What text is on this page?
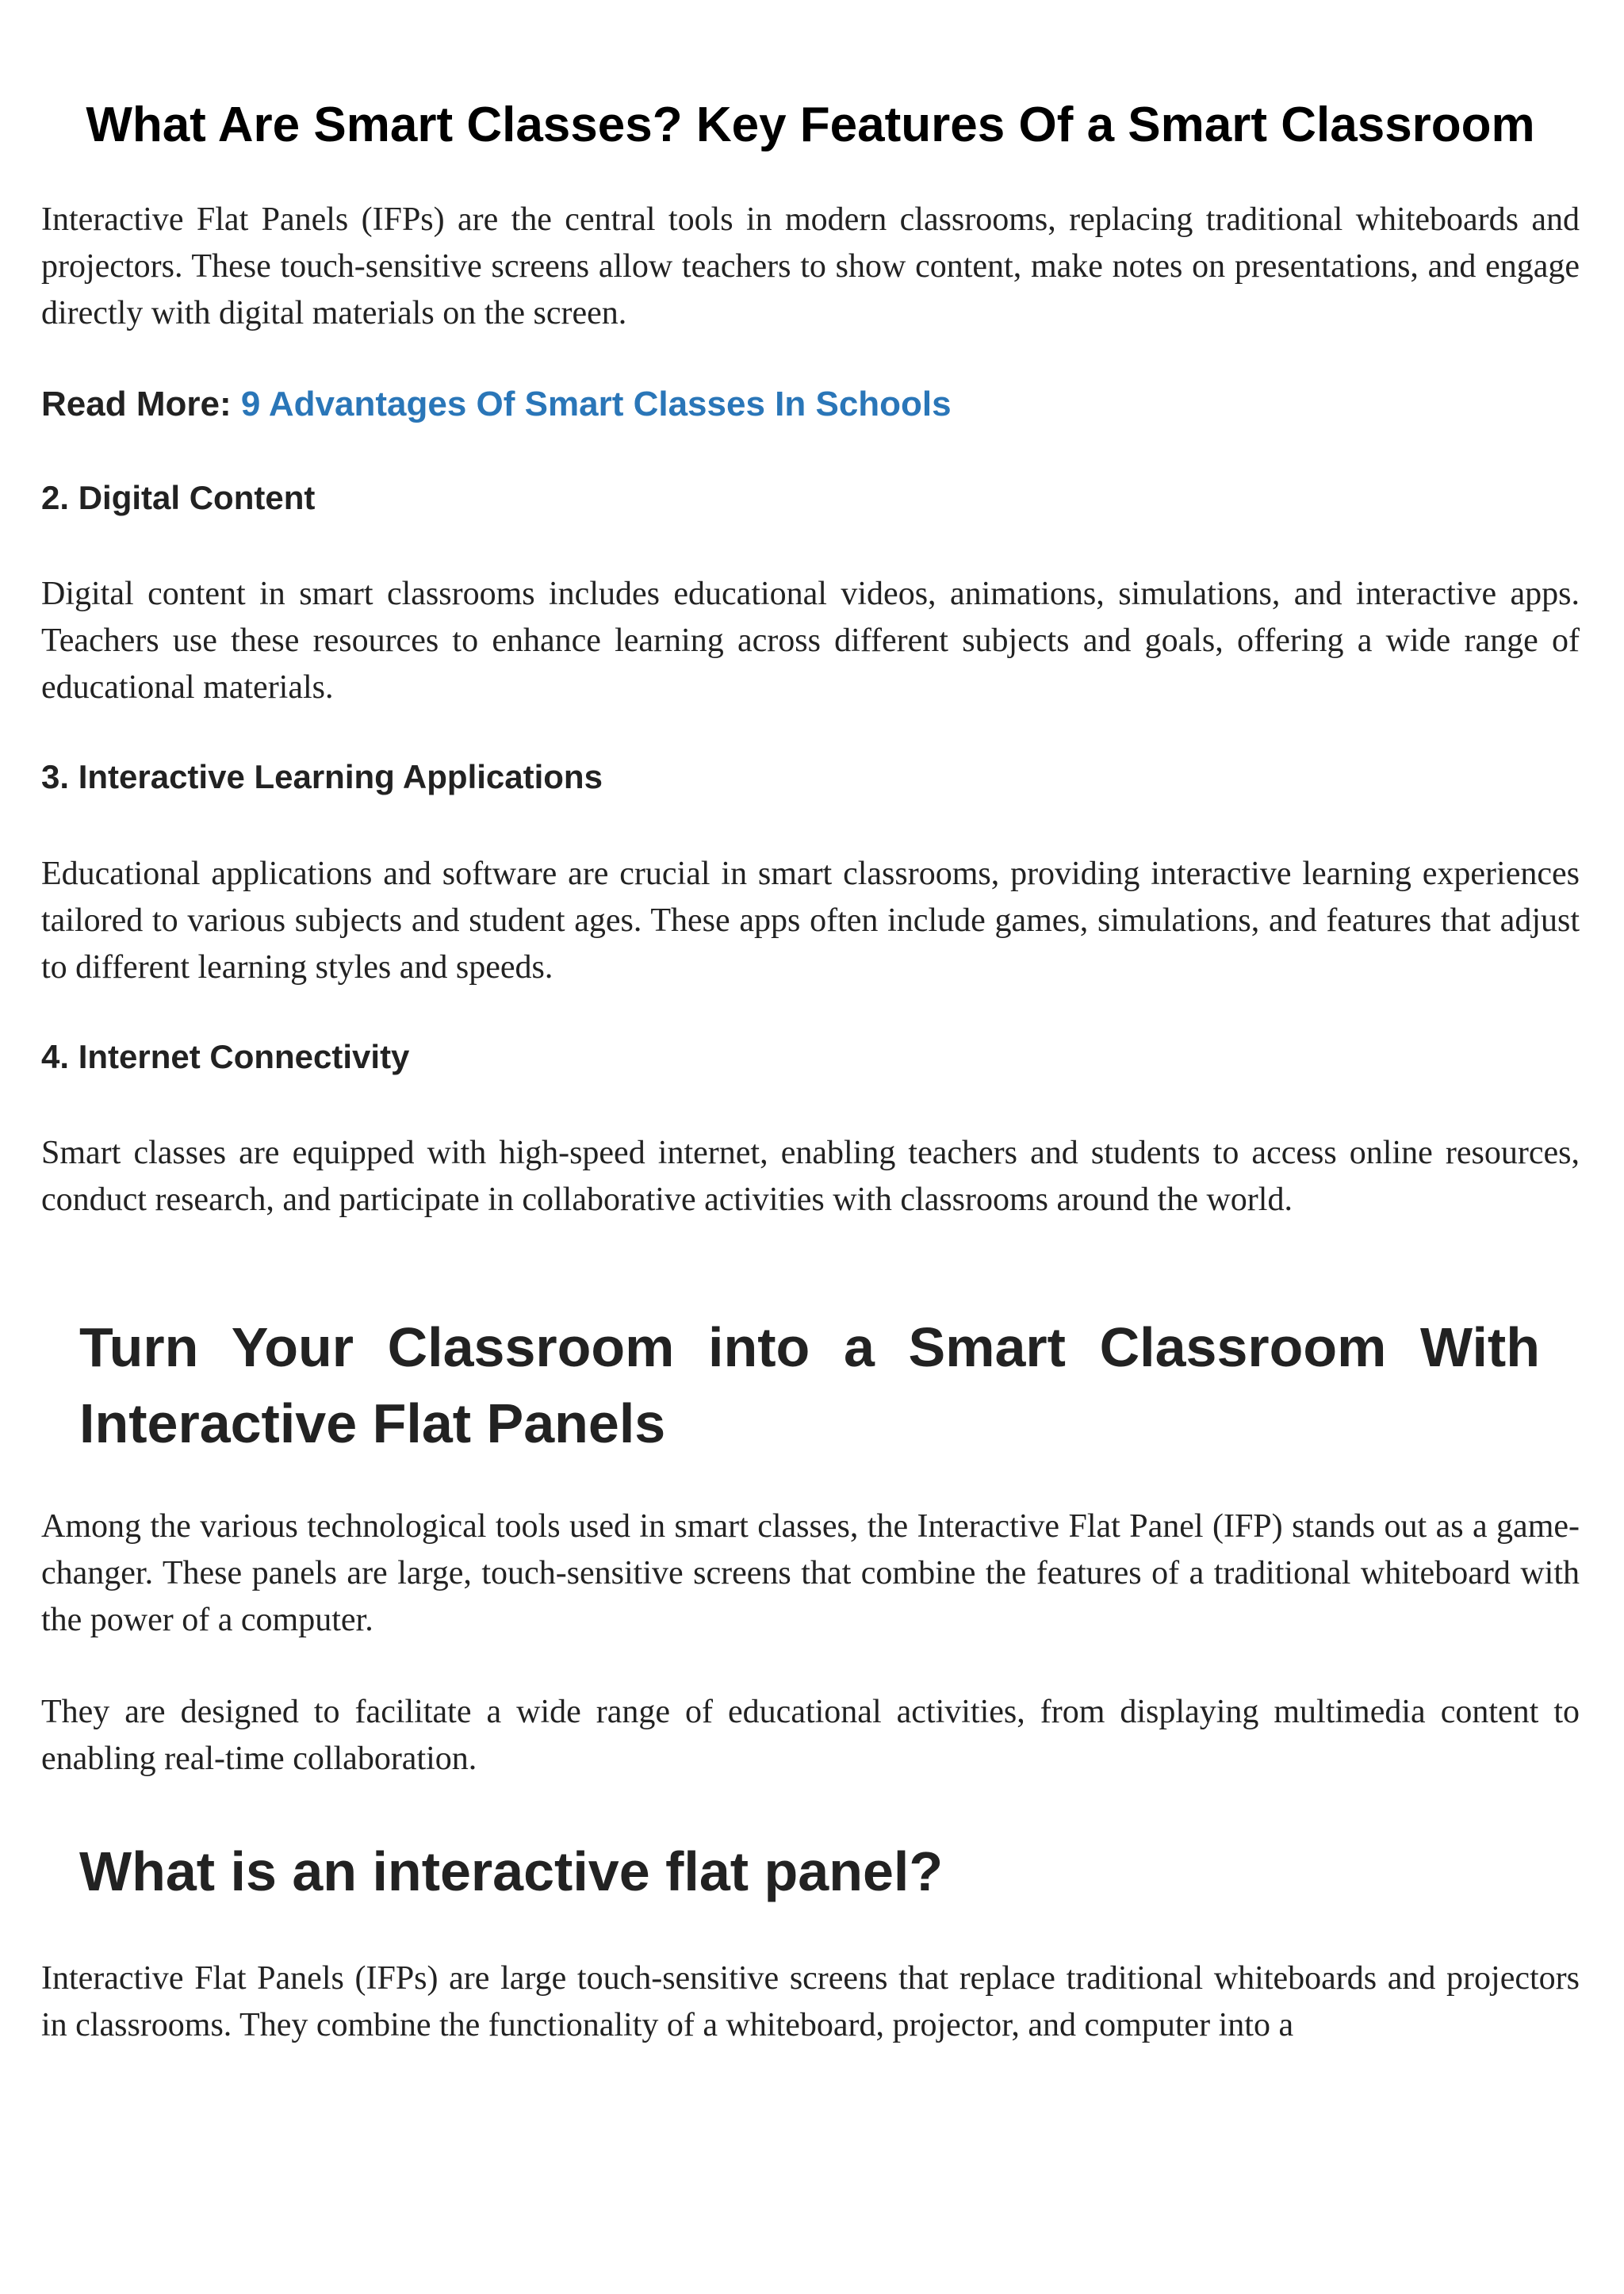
What Are Smart Classes? Key Features Of a Smart Classroom

Interactive Flat Panels (IFPs) are the central tools in modern classrooms, replacing traditional whiteboards and projectors. These touch-sensitive screens allow teachers to show content, make notes on presentations, and engage directly with digital materials on the screen.

Read More: 9 Advantages Of Smart Classes In Schools

2. Digital Content

Digital content in smart classrooms includes educational videos, animations, simulations, and interactive apps. Teachers use these resources to enhance learning across different subjects and goals, offering a wide range of educational materials.

3. Interactive Learning Applications

Educational applications and software are crucial in smart classrooms, providing interactive learning experiences tailored to various subjects and student ages. These apps often include games, simulations, and features that adjust to different learning styles and speeds.

4. Internet Connectivity

Smart classes are equipped with high-speed internet, enabling teachers and students to access online resources, conduct research, and participate in collaborative activities with classrooms around the world.

Turn Your Classroom into a Smart Classroom With Interactive Flat Panels

Among the various technological tools used in smart classes, the Interactive Flat Panel (IFP) stands out as a game-changer. These panels are large, touch-sensitive screens that combine the features of a traditional whiteboard with the power of a computer.

They are designed to facilitate a wide range of educational activities, from displaying multimedia content to enabling real-time collaboration.

What is an interactive flat panel?

Interactive Flat Panels (IFPs) are large touch-sensitive screens that replace traditional whiteboards and projectors in classrooms. They combine the functionality of a whiteboard, projector, and computer into a
